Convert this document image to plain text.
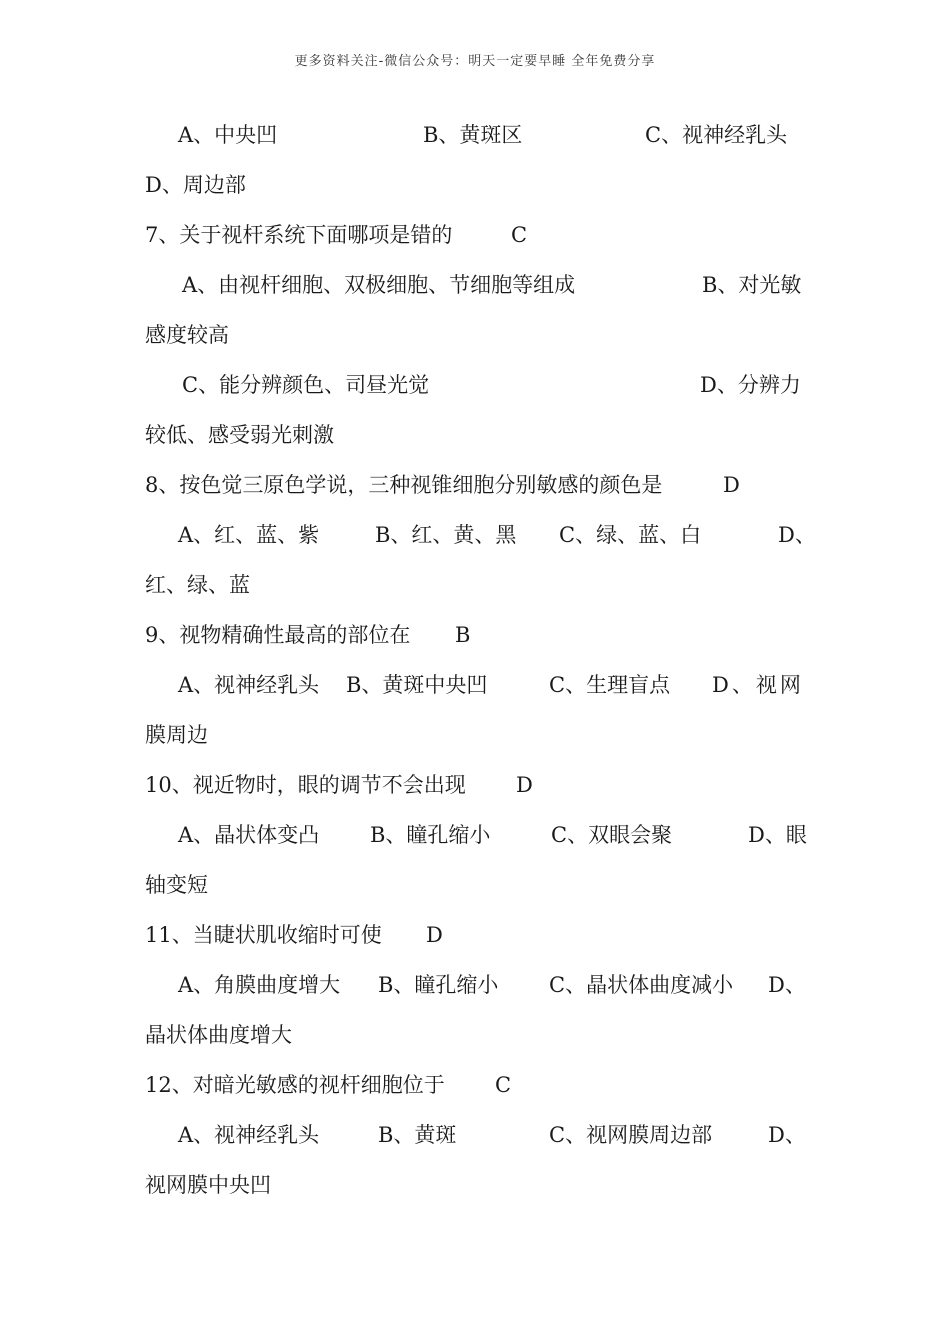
更多资料关注-微信公众号：明天一定要早睡 全年免费分享
A、中央凹	B、黄斑区	C、视神经乳头
D、周边部
7、关于视杆系统下面哪项是错的	C
A、由视杆细胞、双极细胞、节细胞等组成	B、对光敏
感度较高
C、能分辨颜色、司昼光觉	D、分辨力
较低、感受弱光刺激
8、按色觉三原色学说，三种视锥细胞分别敏感的颜色是	D
A、红、蓝、紫	B、红、黄、黑 C、绿、蓝、白	D、
红、绿、蓝
9、视物精确性最高的部位在 B
A、视神经乳头 B、黄斑中央凹	C、生理盲点 D、视网
膜周边
10、视近物时，眼的调节不会出现 D
A、晶状体变凸 B、瞳孔缩小	C、双眼会聚	D、眼
轴变短
11、当睫状肌收缩时可使 D
A、角膜曲度增大 B、瞳孔缩小 C、晶状体曲度减小 D、
晶状体曲度增大
12、对暗光敏感的视杆细胞位于 C
A、视神经乳头	B、黄斑	C、视网膜周边部	D、
视网膜中央凹
